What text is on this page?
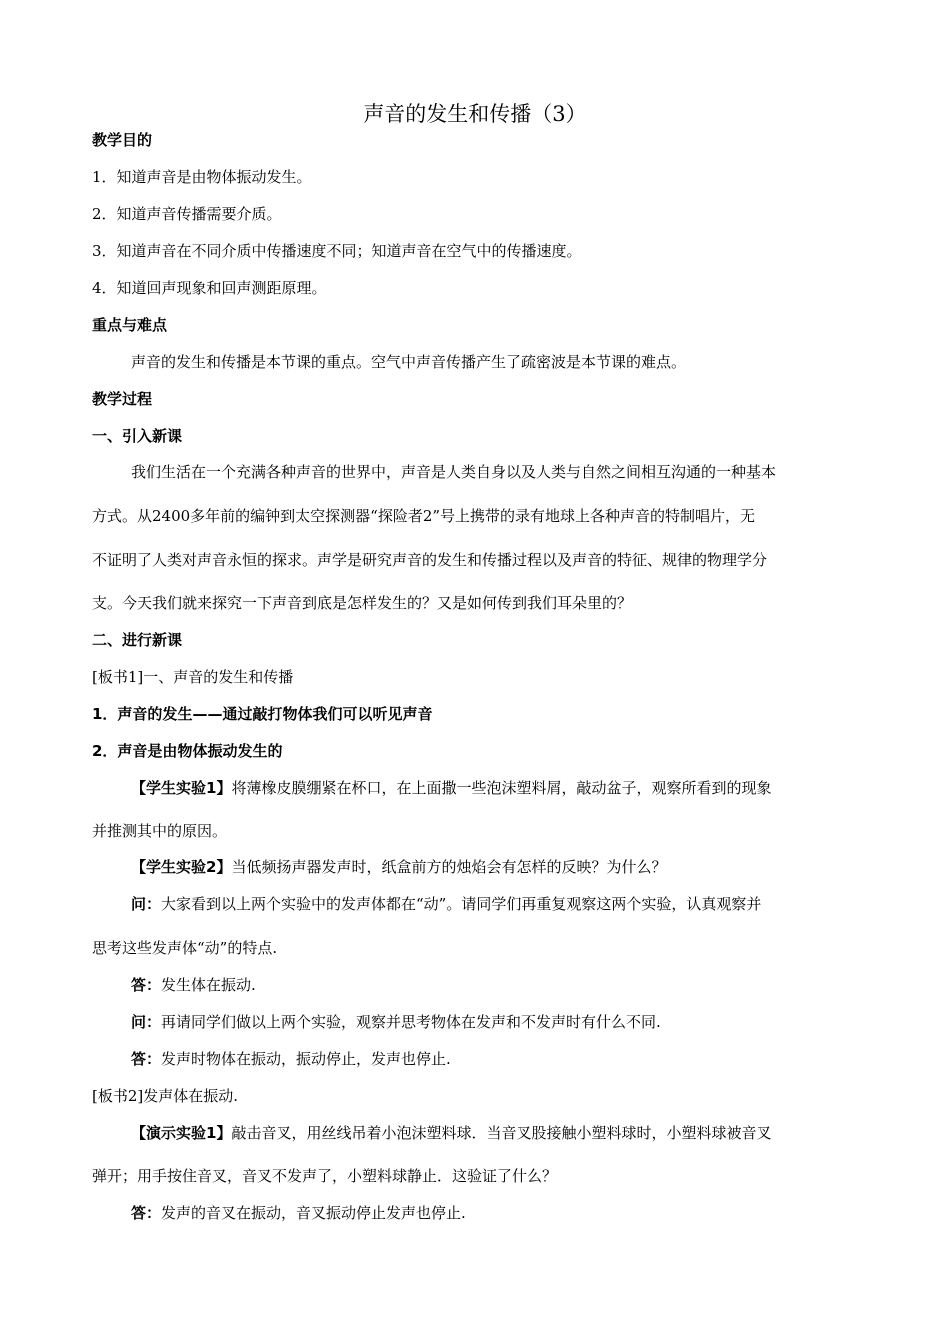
声音的发生和传播（3）
教学目的
1．知道声音是由物体振动发生。
2．知道声音传播需要介质。
3．知道声音在不同介质中传播速度不同；知道声音在空气中的传播速度。
4．知道回声现象和回声测距原理。
重点与难点
声音的发生和传播是本节课的重点。空气中声音传播产生了疏密波是本节课的难点。
教学过程
一、引入新课
我们生活在一个充满各种声音的世界中，声音是人类自身以及人类与自然之间相互沟通的一种基本
方式。从2400多年前的编钟到太空探测器“探险者2”号上携带的录有地球上各种声音的特制唱片，无
不证明了人类对声音永恒的探求。声学是研究声音的发生和传播过程以及声音的特征、规律的物理学分
支。今天我们就来探究一下声音到底是怎样发生的？又是如何传到我们耳朵里的？
二、进行新课
[板书1]一、声音的发生和传播
1．声音的发生——通过敲打物体我们可以听见声音
2．声音是由物体振动发生的
【学生实验1】将薄橡皮膜绷紧在杯口，在上面撒一些泡沫塑料屑，敲动盆子，观察所看到的现象
并推测其中的原因。
【学生实验2】当低频扬声器发声时，纸盒前方的烛焰会有怎样的反映？为什么？
问：大家看到以上两个实验中的发声体都在“动”。请同学们再重复观察这两个实验，认真观察并
思考这些发声体“动”的特点.
答：发生体在振动.
问：再请同学们做以上两个实验，观察并思考物体在发声和不发声时有什么不同.
答：发声时物体在振动，振动停止，发声也停止.
[板书2]发声体在振动.
【演示实验1】敲击音叉，用丝线吊着小泡沫塑料球．当音叉股接触小塑料球时，小塑料球被音叉
弹开；用手按住音叉，音叉不发声了，小塑料球静止．这验证了什么？
答：发声的音叉在振动，音叉振动停止发声也停止.
